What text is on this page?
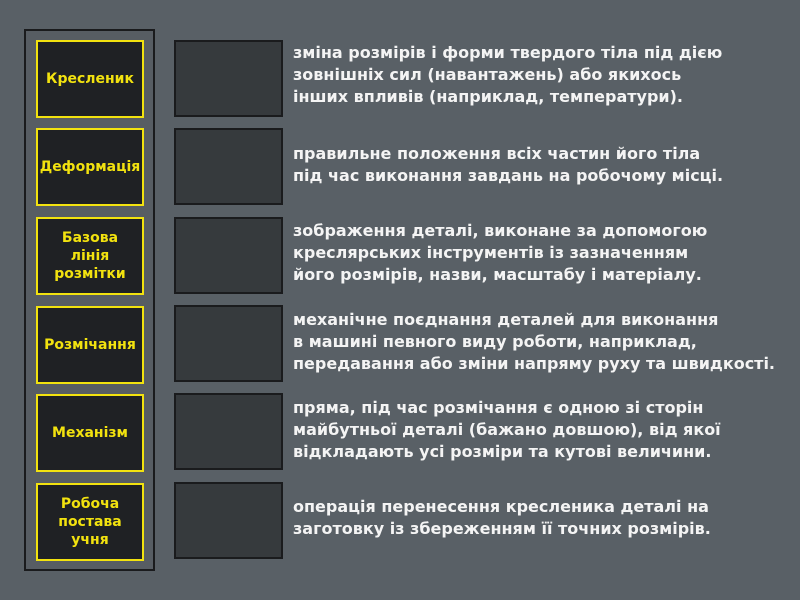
Кресленик
Деформація
Базова лінія розмітки
Розмічання
Механізм
Робоча постава учня
зміна розмірів і форми твердого тіла під дією
зовнішніх сил (навантажень) або якихось
інших впливів (наприклад, температури).
правильне положення всіх частин його тіла
під час виконання завдань на робочому місці.
зображення деталі, виконане за допомогою
креслярських інструментів із зазначенням
його розмірів, назви, масштабу і матеріалу.
механічне поєднання деталей для виконання
в машині певного виду роботи, наприклад,
передавання або зміни напряму руху та швидкості.
пряма, під час розмічання є одною зі сторін
майбутньої деталі (бажано довшою), від якої
відкладають усі розміри та кутові величини.
операція перенесення кресленика деталі на
заготовку із збереженням її точних розмірів.
